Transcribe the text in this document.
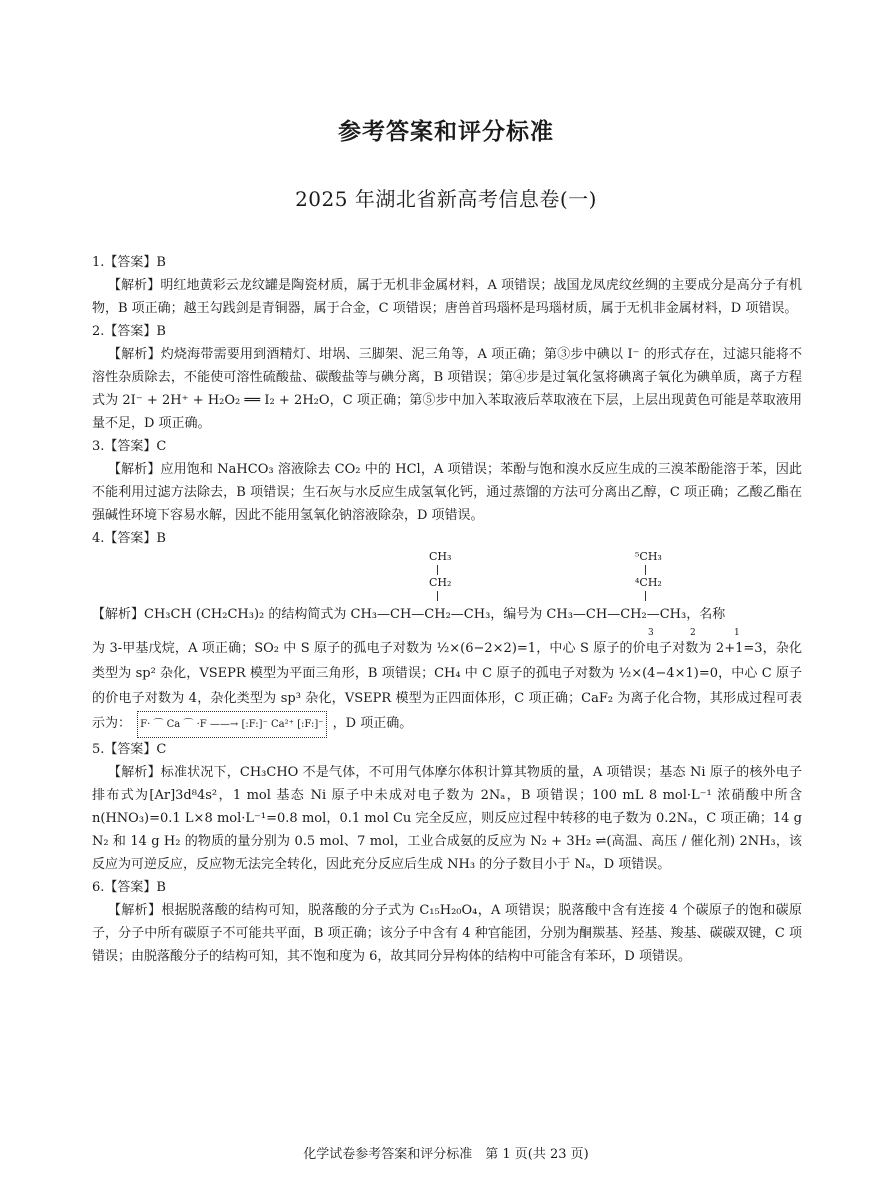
参考答案和评分标准
2025 年湖北省新高考信息卷(一)
1.【答案】B

【解析】明红地黄彩云龙纹罐是陶瓷材质，属于无机非金属材料，A 项错误；战国龙凤虎纹丝绸的主要成分是高分子有机物，B 项正确；越王勾践剑是青铜器，属于合金，C 项错误；唐兽首玛瑙杯是玛瑙材质，属于无机非金属材料，D 项错误。

2.【答案】B

【解析】灼烧海带需要用到酒精灯、坩埚、三脚架、泥三角等，A 项正确；第③步中碘以 I⁻ 的形式存在，过滤只能将不溶性杂质除去，不能使可溶性硫酸盐、碳酸盐等与碘分离，B 项错误；第④步是过氧化氢将碘离子氧化为碘单质，离子方程式为 2I⁻ + 2H⁺ + H₂O₂ ══ I₂ + 2H₂O，C 项正确；第⑤步中加入苯取液后萃取液在下层，上层出现黄色可能是萃取液用量不足，D 项正确。

3.【答案】C

【解析】应用饱和 NaHCO₃ 溶液除去 CO₂ 中的 HCl，A 项错误；苯酚与饱和溴水反应生成的三溴苯酚能溶于苯，因此不能利用过滤方法除去，B 项错误；生石灰与水反应生成氢氧化钙，通过蒸馏的方法可分离出乙醇，C 项正确；乙酸乙酯在强碱性环境下容易水解，因此不能用氢氧化钠溶液除杂，D 项错误。

4.【答案】B
CH₃
CH₂
⁵CH₃
⁴CH₂
【解析】CH₃CH (CH₂CH₃)₂ 的结构简式为 CH₃—CH—CH₂—CH₃，编号为 CH₃—CH—CH₂—CH₃，名称
3	2	1

为 3-甲基戊烷，A 项正确；SO₂ 中 S 原子的孤电子对数为 ½×(6−2×2)=1，中心 S 原子的价电子对数为 2+1=3，杂化类型为 sp² 杂化，VSEPR 模型为平面三角形，B 项错误；CH₄ 中 C 原子的孤电子对数为 ½×(4−4×1)=0，中心 C 原子的价电子对数为 4，杂化类型为 sp³ 杂化，VSEPR 模型为正四面体形，C 项正确；CaF₂ 为离子化合物，其形成过程可表示为： F· ⌒ Ca ⌒ ·F ——→ [:F:]⁻ Ca²⁺ [:F:]⁻ ，D 项正确。

5.【答案】C

【解析】标准状况下，CH₃CHO 不是气体，不可用气体摩尔体积计算其物质的量，A 项错误；基态 Ni 原子的核外电子排布式为[Ar]3d⁸4s²，1 mol 基态 Ni 原子中未成对电子数为 2Nₐ，B 项错误；100 mL 8 mol·L⁻¹ 浓硝酸中所含 n(HNO₃)=0.1 L×8 mol·L⁻¹=0.8 mol，0.1 mol Cu 完全反应，则反应过程中转移的电子数为 0.2Nₐ，C 项正确；14 g N₂ 和 14 g H₂ 的物质的量分别为 0.5 mol、7 mol，工业合成氨的反应为 N₂ + 3H₂ ⇌(高温、高压 / 催化剂) 2NH₃，该反应为可逆反应，反应物无法完全转化，因此充分反应后生成 NH₃ 的分子数目小于 Nₐ，D 项错误。

6.【答案】B

【解析】根据脱落酸的结构可知，脱落酸的分子式为 C₁₅H₂₀O₄，A 项错误；脱落酸中含有连接 4 个碳原子的饱和碳原子，分子中所有碳原子不可能共平面，B 项正确；该分子中含有 4 种官能团，分别为酮羰基、羟基、羧基、碳碳双键，C 项错误；由脱落酸分子的结构可知，其不饱和度为 6，故其同分异构体的结构中可能含有苯环，D 项错误。

化学试卷参考答案和评分标准　第 1 页(共 23 页)
